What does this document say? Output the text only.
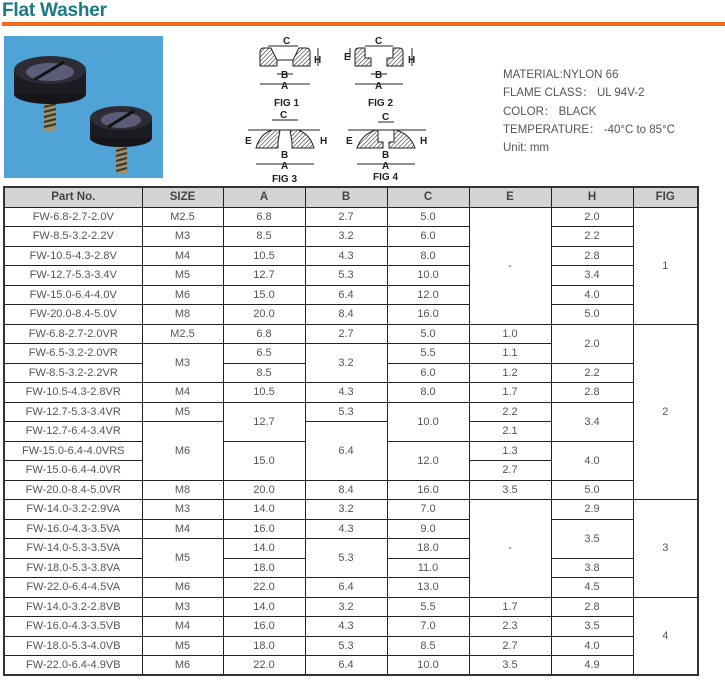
Flat Washer
C
H
B
A
C
E	H
B
A
C
E	H
B
A
C
E	H
B
A
FIG 1	FIG 2
FIG 3	FIG 4
MATERIAL:NYLON 66
FLAME CLASS： UL 94V-2
COLOR： BLACK
TEMPERATURE： -40°C to 85°C
Unit: mm
Part No.	SIZE	A	B	C	E	H	FIG
FW-6.8-2.7-2.0V	M2.5	6.8	2.7	5.0	-	2.0	1
FW-8.5-3.2-2.2V	M3	8.5	3.2	6.0		2.2	
FW-10.5-4.3-2.8V	M4	10.5	4.3	8.0		2.8	
FW-12.7-5.3-3.4V	M5	12.7	5.3	10.0		3.4	
FW-15.0-6.4-4.0V	M6	15.0	6.4	12.0		4.0	
FW-20.0-8.4-5.0V	M8	20.0	8.4	16.0		5.0	
FW-6.8-2.7-2.0VR	M2.5	6.8	2.7	5.0	1.0	2.0	2
FW-6.5-3.2-2.0VR	M3	6.5	3.2	5.5	1.1		
FW-8.5-3.2-2.2VR		8.5		6.0	1.2	2.2	
FW-10.5-4.3-2.8VR	M4	10.5	4.3	8.0	1.7	2.8	
FW-12.7-5.3-3.4VR	M5	12.7	5.3	10.0	2.2	3.4	
FW-12.7-6.4-3.4VR	M6		6.4		2.1		
FW-15.0-6.4-4.0VRS		15.0		12.0	1.3	4.0	
FW-15.0-6.4-4.0VR					2.7		
FW-20.0-8.4-5.0VR	M8	20.0	8.4	16.0	3.5	5.0	
FW-14.0-3.2-2.9VA	M3	14.0	3.2	7.0	-	2.9	3
FW-16.0-4.3-3.5VA	M4	16.0	4.3	9.0		3.5	
FW-14.0-5.3-3.5VA	M5	14.0	5.3	18.0			
FW-18.0-5.3-3.8VA		18.0		11.0		3.8	
FW-22.0-6.4-4.5VA	M6	22.0	6.4	13.0		4.5	
FW-14.0-3.2-2.8VB	M3	14.0	3.2	5.5	1.7	2.8	4
FW-16.0-4.3-3.5VB	M4	16.0	4.3	7.0	2.3	3.5	
FW-18.0-5.3-4.0VB	M5	18.0	5.3	8.5	2.7	4.0	
FW-22.0-6.4-4.9VB	M6	22.0	6.4	10.0	3.5	4.9	
